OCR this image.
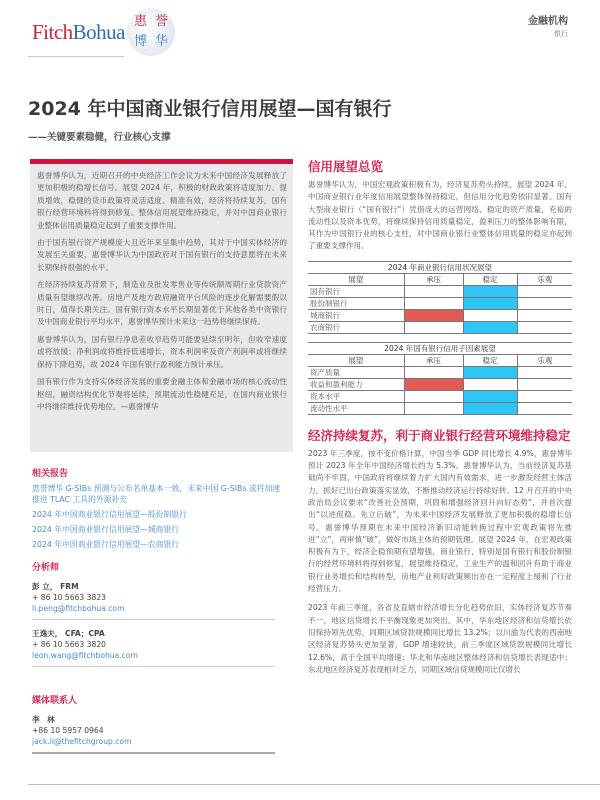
FitchBohua 惠 誉
博 华
金融机构
银行
2024 年中国商业银行信用展望—国有银行
——关键要素稳健，行业核心支撑

惠誉博华认为，近期召开的中央经济工作会议为未来中国经济发展释放了更加积极的稳增长信号。展望 2024 年，积极的财政政策将适度加力、提质增效，稳健的货币政策将灵活适度、精准有效，经济将持续复苏，国有银行经营环境料将得到修复。整体信用展望维持稳定，并对中国商业银行业整体信用质量稳定起到了重要支撑作用。

由于国有银行资产规模庞大且近年来呈集中趋势，其对于中国实体经济的发展至关重要，惠誉博华认为中国政府对于国有银行的支持意愿将在未来长期保持很强的水平。

在经济持续复苏背景下，制造业及批发零售业等传统顺周期行业贷款资产质量有望继续改善。房地产及地方政府融资平台风险的逐步化解需要假以时日，值得长期关注。国有银行资本水平长期显著优于其他各类中资银行及中国商业银行平均水平，惠誉博华预计未来这一趋势将继续保持。

惠誉博华认为，国有银行净息差收窄趋势可能要延续至明年，但收窄速度或将放缓；净利润或将维持低速增长，资本利润率及资产利润率或将继续保持下降趋势，故 2024 年国有银行盈利能力预计承压。

国有银行作为支持实体经济发展的重要金融主体和金融市场的核心流动性枢纽，融资结构优化节奏将延续，预期流动性稳健充足，在国内商业银行中将继续维持优势地位。—惠誉博华

相关报告
惠誉博华 G-SIBs 预测与公布名单基本一致，未来中国 G-SIBs 或将加速推进 TLAC 工具的外源补充
2024 年中国商业银行信用展望—股份制银行
2024 年中国商业银行信用展望—城商银行
2024 年中国商业银行信用展望—农商银行
分析师
彭 立， FRM
+ 86 10 5663 3823
li.peng@fitchbohua.com
王逸夫， CFA；CPA
+ 86 10 5663 3820
leon.wang@fitchbohua.com
媒体联系人
李　林
+86 10 5957 0964
jack.li@thefitchgroup.com
信用展望总览

惠誉博华认为，中国宏观政策积极有为，经济复苏势头持续，展望 2024 年，中国商业银行业年度信用展望整体保持稳定，但信用分化趋势依旧显著。国有大型商业银行（“国有银行”）凭借庞大的运营网络、稳定的资产质量、充裕的流动性以及资本优势，将继续保持信用质量稳定，盈利压力的整体影响有限，其作为中国银行业的核心支柱，对中国商业银行业整体信用质量的稳定亦起到了重要支撑作用。

2024 年商业银行信用状况展望			
展望	承压	稳定	乐观
国有银行			
股份制银行			
城商银行			
农商银行			
2024 年国有银行信用子因素展望			
展望	承压	稳定	乐观
资产质量			
收益和盈利能力			
资本水平			
流动性水平			
经济持续复苏，利于商业银行经营环境维持稳定

2023 年三季度，按不变价格计算，中国当季 GDP 同比增长 4.9%，惠誉博华预计 2023 年全年中国经济增长约为 5.3%。惠誉博华认为，当前经济复苏基础尚不牢固，中国政府将继续着力扩大国内有效需求，进一步激发经营主体活力，抓好已出台政策落实显效，不断推动经济运行持续好转。12 月召开的中央政治局会议要求“改善社会预期，巩固和增强经济回升向好态势”，并首次提出“以进促稳、先立后破”，为未来中国经济发展释放了更加积极的稳增长信号。惠誉博华预期在未来中国经济新旧动能转换过程中宏观政策将先推进“立”，再审慎“破”，做好市场主体的预期管理。展望 2024 年，在宏观政策积极有为下，经济企稳预期有望增强，商业银行，特别是国有银行和股份制银行的经营环境料将得到修复，展望维持稳定，工业生产的温和回升有助于商业银行业务增长和结构转型，房地产业利好政策频出亦在一定程度上缓和了行业经营压力。

2023 年前三季度，各省及直辖市经济增长分化趋势依旧，实体经济复苏节奏不一，地区信贷增长不平衡现象更加突出。其中，华东地区经济和信贷增长依旧保持领先优势，同期区域贷款规模同比增长 13.2%；以川渝为代表的西南地区经济复苏势头更加显著，GDP 增速较快，前三季度区域贷款规模同比增长 12.6%，高于全国平均增速；华北和华南地区整体经济和信贷增长表现适中；东北地区经济复苏表现相对乏力，同期区域信贷规模同比仅增长
